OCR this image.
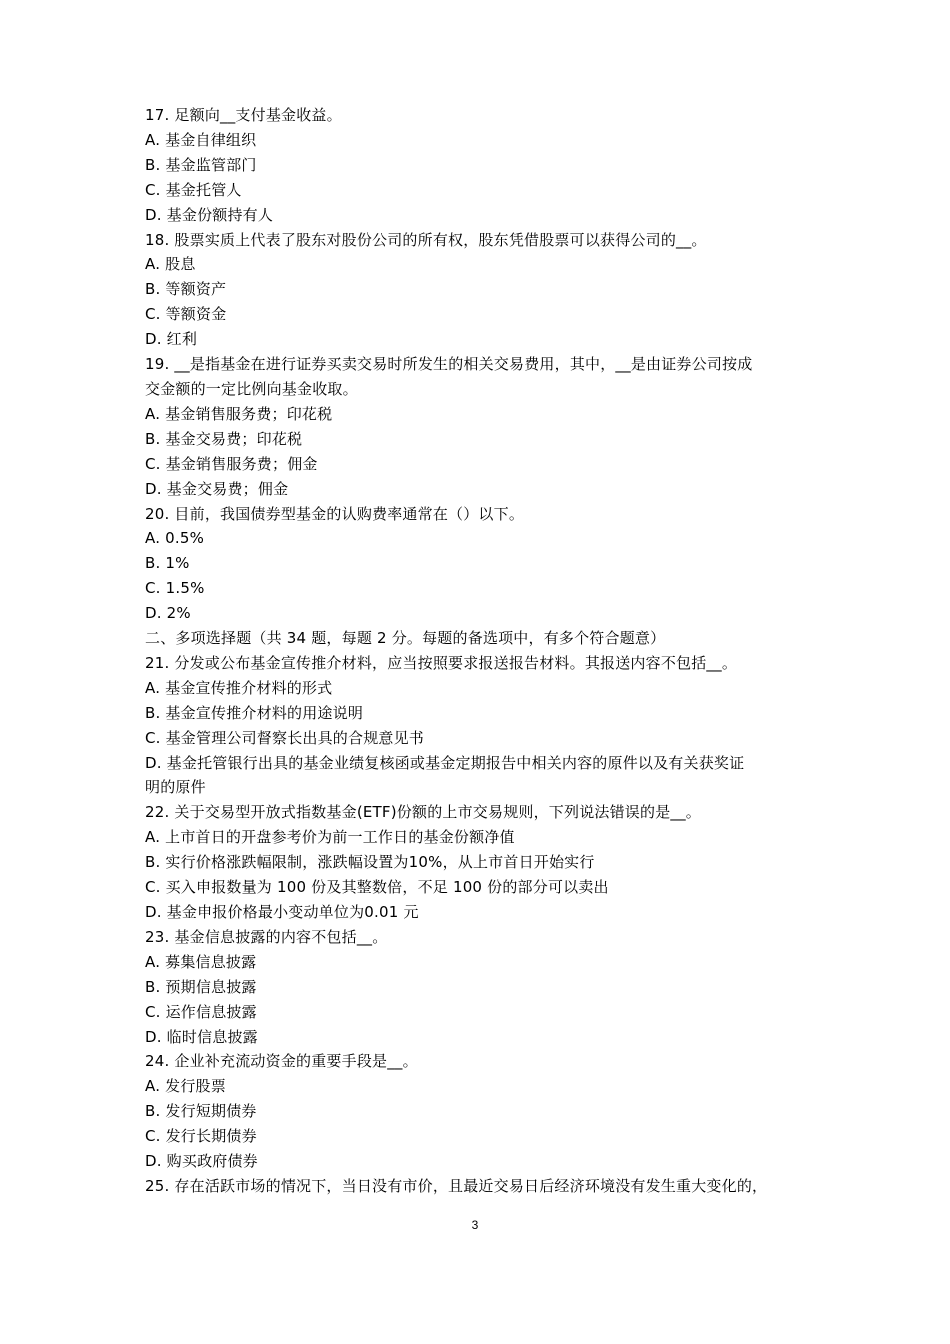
17. 足额向__支付基金收益。
A. 基金自律组织
B. 基金监管部门
C. 基金托管人
D. 基金份额持有人
18. 股票实质上代表了股东对股份公司的所有权，股东凭借股票可以获得公司的__。
A. 股息
B. 等额资产
C. 等额资金
D. 红利
19. __是指基金在进行证券买卖交易时所发生的相关交易费用，其中，__是由证券公司按成
交金额的一定比例向基金收取。
A. 基金销售服务费；印花税
B. 基金交易费；印花税
C. 基金销售服务费；佣金
D. 基金交易费；佣金
20. 目前，我国债券型基金的认购费率通常在（）以下。
A. 0.5%
B. 1%
C. 1.5%
D. 2%
二、多项选择题（共 34 题，每题 2 分。每题的备选项中，有多个符合题意）
21. 分发或公布基金宣传推介材料，应当按照要求报送报告材料。其报送内容不包括__。
A. 基金宣传推介材料的形式
B. 基金宣传推介材料的用途说明
C. 基金管理公司督察长出具的合规意见书
D. 基金托管银行出具的基金业绩复核函或基金定期报告中相关内容的原件以及有关获奖证
明的原件
22. 关于交易型开放式指数基金(ETF)份额的上市交易规则，下列说法错误的是__。
A. 上市首日的开盘参考价为前一工作日的基金份额净值
B. 实行价格涨跌幅限制，涨跌幅设置为10%，从上市首日开始实行
C. 买入申报数量为 100 份及其整数倍，不足 100 份的部分可以卖出
D. 基金申报价格最小变动单位为0.01 元
23. 基金信息披露的内容不包括__。
A. 募集信息披露
B. 预期信息披露
C. 运作信息披露
D. 临时信息披露
24. 企业补充流动资金的重要手段是__。
A. 发行股票
B. 发行短期债券
C. 发行长期债券
D. 购买政府债券
25. 存在活跃市场的情况下，当日没有市价，且最近交易日后经济环境没有发生重大变化的，
3
